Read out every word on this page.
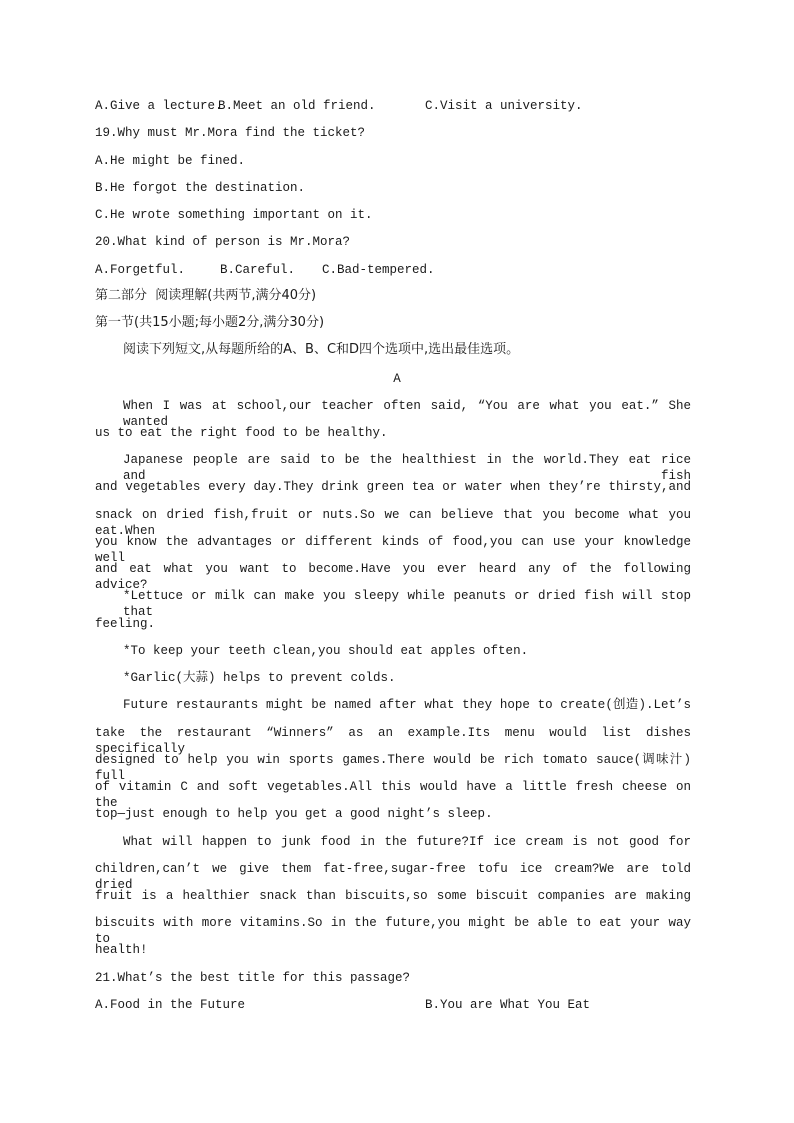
A.Give a lecture.
B.Meet an old friend.	C.Visit a university.
19.Why must Mr.Mora find the ticket?
A.He might be fined.
B.He forgot the destination.
C.He wrote something important on it.
20.What kind of person is Mr.Mora?
A.Forgetful.	B.Careful. C.Bad-tempered.
第二部分  阅读理解(共两节,满分40分)
第一节(共15小题;每小题2分,满分30分)
阅读下列短文,从每题所给的A、B、C和D四个选项中,选出最佳选项。
A
When I was at school,our teacher often said, “You are what you eat.” She wanted
us to eat the right food to be healthy.
Japanese people are said to be the healthiest in the world.They eat rice and fish
and vegetables every day.They drink green tea or water when they’re thirsty,and
snack on dried fish,fruit or nuts.So we can believe that you become what you eat.When
you know the advantages or different kinds of food,you can use your knowledge well
and eat what you want to become.Have you ever heard any of the following advice?
*Lettuce or milk can make you sleepy while peanuts or dried fish will stop that
feeling.
*To keep your teeth clean,you should eat apples often.
*Garlic(大蒜) helps to prevent colds.
Future restaurants might be named after what they hope to create(创造).Let’s
take the restaurant “Winners” as an example.Its menu would list dishes specifically
designed to help you win sports games.There would be rich tomato sauce(调味汁) full
of vitamin C and soft vegetables.All this would have a little fresh cheese on the
top—just enough to help you get a good night’s sleep.
What will happen to junk food in the future?If ice cream is not good for
children,can’t we give them fat-free,sugar-free tofu ice cream?We are told dried
fruit is a healthier snack than biscuits,so some biscuit companies are making
biscuits with more vitamins.So in the future,you might be able to eat your way to
health!
21.What’s the best title for this passage?
A.Food in the Future	B.You are What You Eat
